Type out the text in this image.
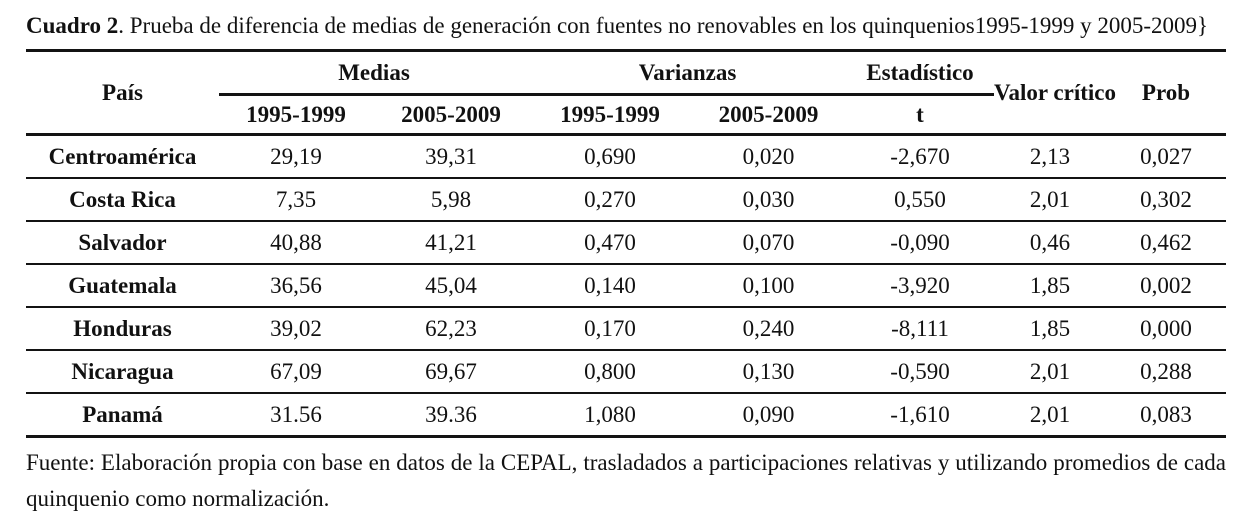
Cuadro 2. Prueba de diferencia de medias de generación con fuentes no renovables en los quinquenios1995-1999 y 2005-2009}
País	Medias		Varianzas		Estadístico	Valor crítico	Prob
	1995-1999	2005-2009	1995-1999	2005-2009	t		
Centroamérica	29,19	39,31	0,690	0,020	-2,670	2,13	0,027
Costa Rica	7,35	5,98	0,270	0,030	0,550	2,01	0,302
Salvador	40,88	41,21	0,470	0,070	-0,090	0,46	0,462
Guatemala	36,56	45,04	0,140	0,100	-3,920	1,85	0,002
Honduras	39,02	62,23	0,170	0,240	-8,111	1,85	0,000
Nicaragua	67,09	69,67	0,800	0,130	-0,590	2,01	0,288
Panamá	31.56	39.36	1,080	0,090	-1,610	2,01	0,083
Fuente: Elaboración propia con base en datos de la CEPAL, trasladados a participaciones relativas y utilizando promedios de cada quinquenio como normalización.
